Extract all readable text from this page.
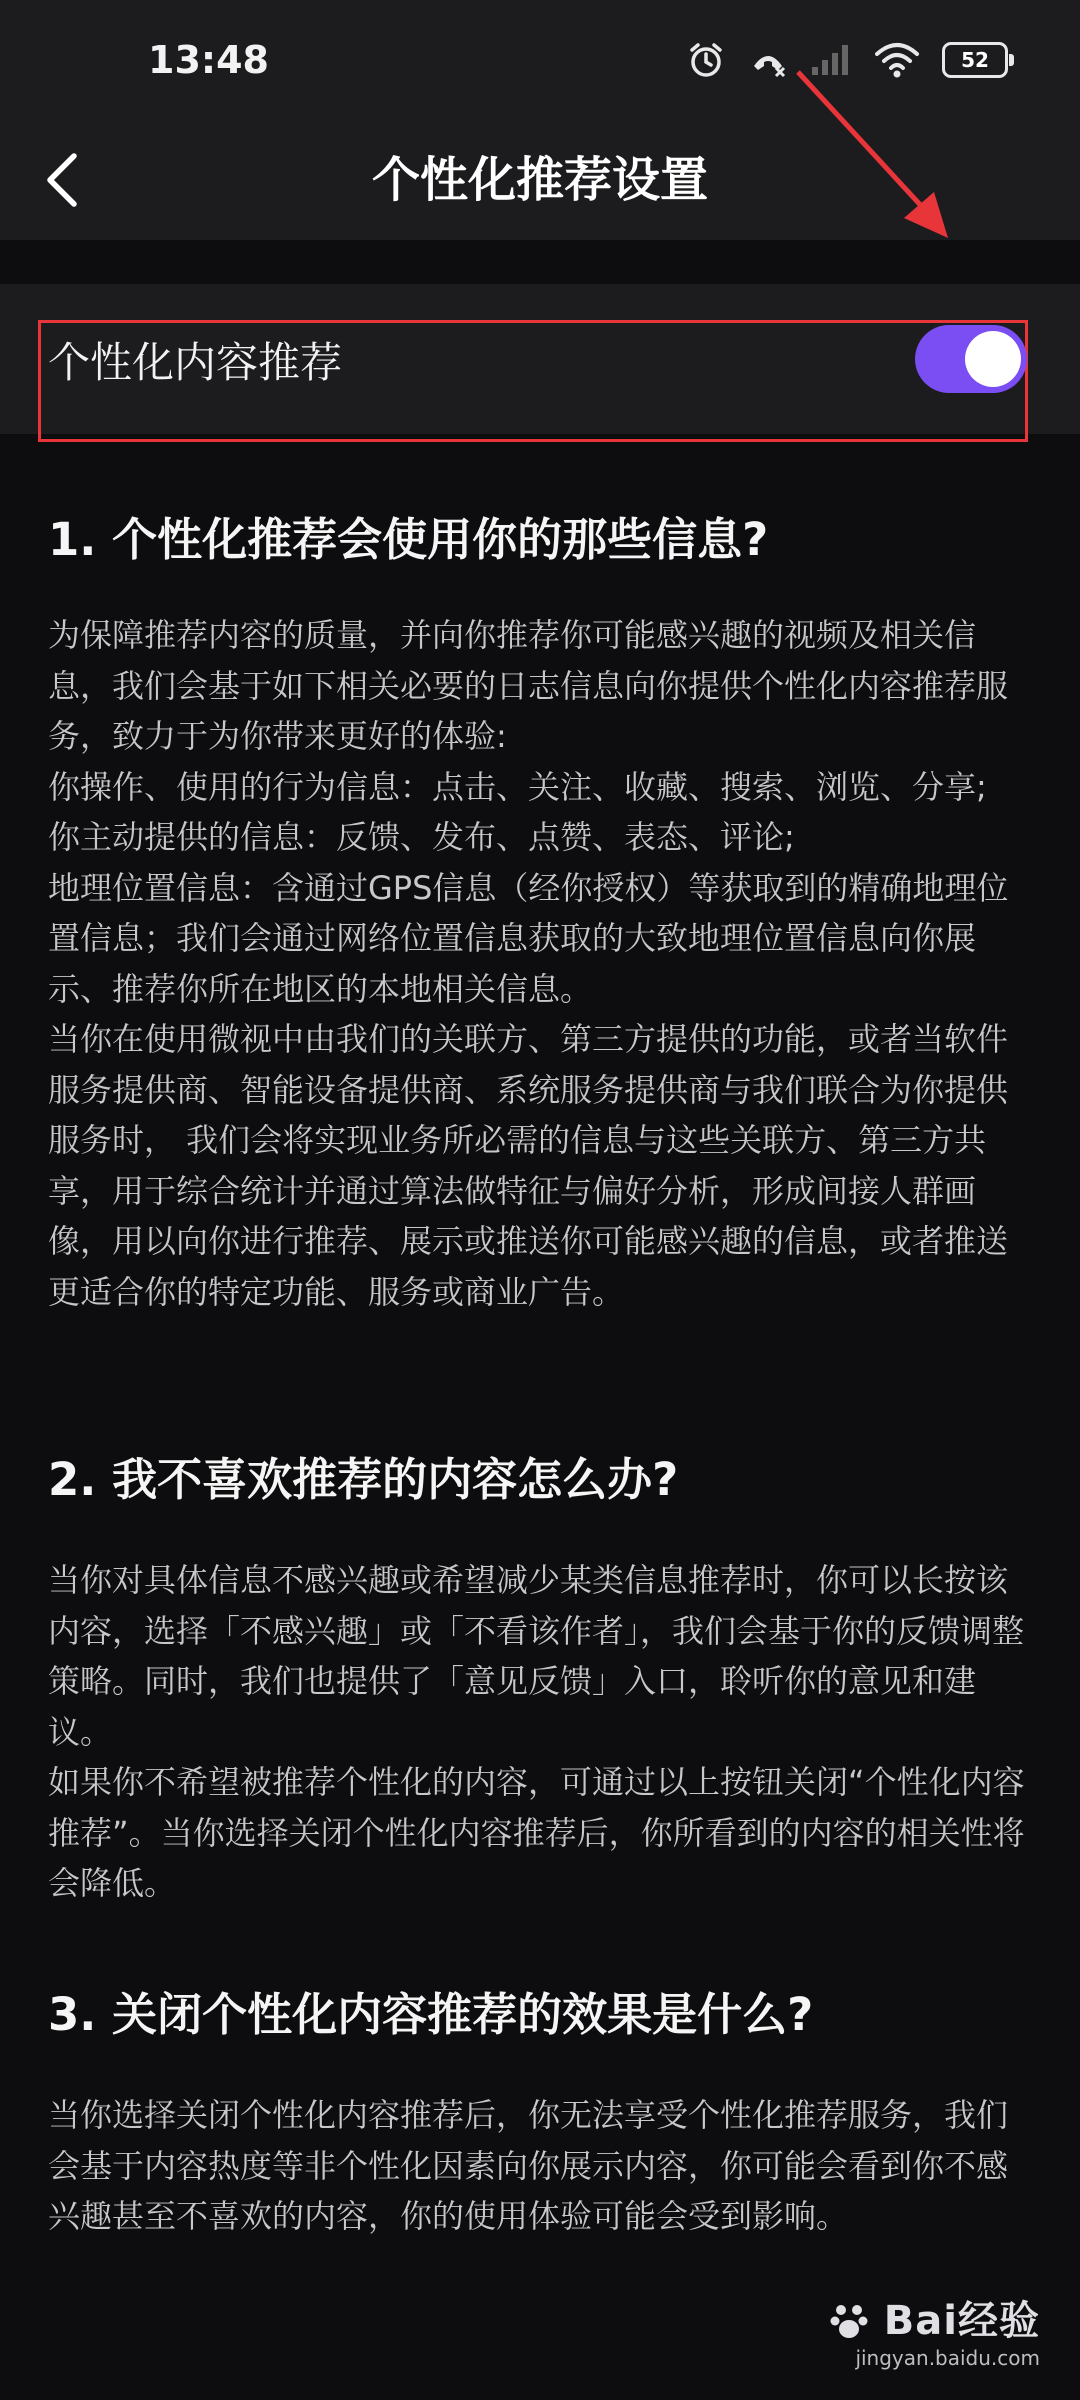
13:48	52
个性化推荐设置
个性化内容推荐
1. 个性化推荐会使用你的那些信息?

为保障推荐内容的质量，并向你推荐你可能感兴趣的视频及相关信息，我们会基于如下相关必要的日志信息向你提供个性化内容推荐服务，致力于为你带来更好的体验:

你操作、使用的行为信息：点击、关注、收藏、搜索、浏览、分享;

你主动提供的信息：反馈、发布、点赞、表态、评论;

地理位置信息：含通过GPS信息（经你授权）等获取到的精确地理位置信息；我们会通过网络位置信息获取的大致地理位置信息向你展示、推荐你所在地区的本地相关信息。

当你在使用微视中由我们的关联方、第三方提供的功能，或者当软件服务提供商、智能设备提供商、系统服务提供商与我们联合为你提供服务时， 我们会将实现业务所必需的信息与这些关联方、第三方共享，用于综合统计并通过算法做特征与偏好分析，形成间接人群画像，用以向你进行推荐、展示或推送你可能感兴趣的信息，或者推送更适合你的特定功能、服务或商业广告。

2. 我不喜欢推荐的内容怎么办?

当你对具体信息不感兴趣或希望减少某类信息推荐时，你可以长按该内容，选择「不感兴趣」或「不看该作者」，我们会基于你的反馈调整策略。同时，我们也提供了「意见反馈」入口，聆听你的意见和建议。

如果你不希望被推荐个性化的内容，可通过以上按钮关闭“个性化内容推荐”。当你选择关闭个性化内容推荐后，你所看到的内容的相关性将会降低。

3. 关闭个性化内容推荐的效果是什么?

当你选择关闭个性化内容推荐后，你无法享受个性化推荐服务，我们会基于内容热度等非个性化因素向你展示内容，你可能会看到你不感兴趣甚至不喜欢的内容，你的使用体验可能会受到影响。

Bai经验
jingyan.baidu.com
